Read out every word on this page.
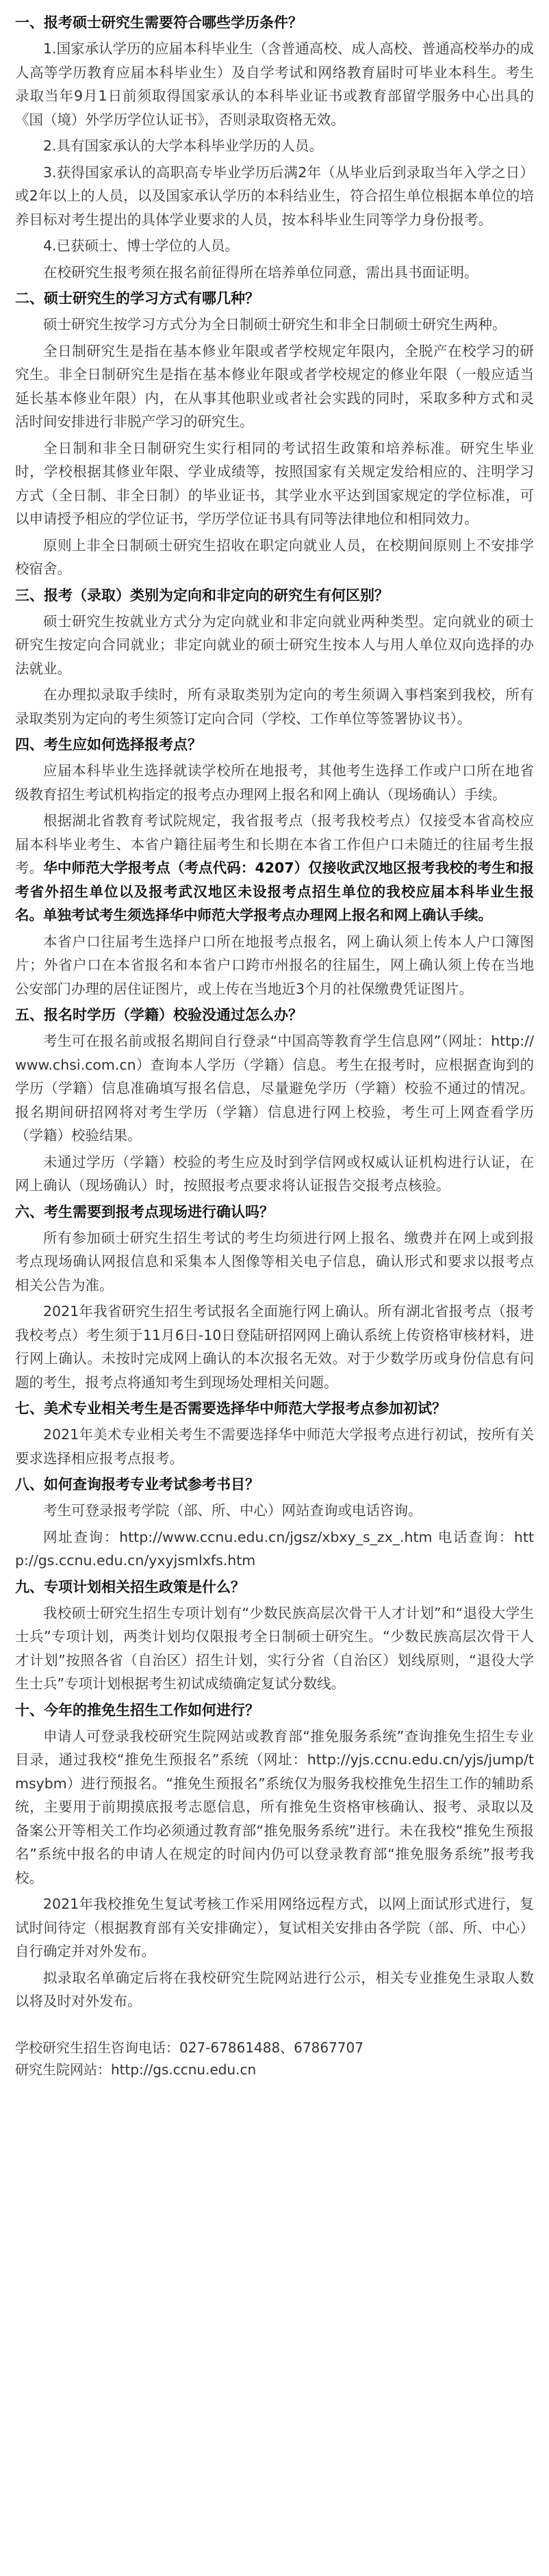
一、报考硕士研究生需要符合哪些学历条件？
1.国家承认学历的应届本科毕业生（含普通高校、成人高校、普通高校举办的成人高等学历教育应届本科毕业生）及自学考试和网络教育届时可毕业本科生。考生录取当年9月1日前须取得国家承认的本科毕业证书或教育部留学服务中心出具的《国（境）外学历学位认证书》，否则录取资格无效。
2.具有国家承认的大学本科毕业学历的人员。
3.获得国家承认的高职高专毕业学历后满2年（从毕业后到录取当年入学之日）或2年以上的人员，以及国家承认学历的本科结业生，符合招生单位根据本单位的培养目标对考生提出的具体学业要求的人员，按本科毕业生同等学力身份报考。
4.已获硕士、博士学位的人员。
在校研究生报考须在报名前征得所在培养单位同意，需出具书面证明。
二、硕士研究生的学习方式有哪几种？
硕士研究生按学习方式分为全日制硕士研究生和非全日制硕士研究生两种。
全日制研究生是指在基本修业年限或者学校规定年限内，全脱产在校学习的研究生。非全日制研究生是指在基本修业年限或者学校规定的修业年限（一般应适当延长基本修业年限）内，在从事其他职业或者社会实践的同时，采取多种方式和灵活时间安排进行非脱产学习的研究生。
全日制和非全日制研究生实行相同的考试招生政策和培养标准。研究生毕业时，学校根据其修业年限、学业成绩等，按照国家有关规定发给相应的、注明学习方式（全日制、非全日制）的毕业证书，其学业水平达到国家规定的学位标准，可以申请授予相应的学位证书，学历学位证书具有同等法律地位和相同效力。
原则上非全日制硕士研究生招收在职定向就业人员，在校期间原则上不安排学校宿舍。
三、报考（录取）类别为定向和非定向的研究生有何区别？
硕士研究生按就业方式分为定向就业和非定向就业两种类型。定向就业的硕士研究生按定向合同就业；非定向就业的硕士研究生按本人与用人单位双向选择的办法就业。
在办理拟录取手续时，所有录取类别为定向的考生须调入事档案到我校，所有录取类别为定向的考生须签订定向合同（学校、工作单位等签署协议书）。
四、考生应如何选择报考点？
应届本科毕业生选择就读学校所在地报考，其他考生选择工作或户口所在地省级教育招生考试机构指定的报考点办理网上报名和网上确认（现场确认）手续。
根据湖北省教育考试院规定，我省报考点（报考我校考点）仅接受本省高校应届本科毕业考生、本省户籍往届考生和长期在本省工作但户口未随迁的往届考生报考。华中师范大学报考点（考点代码：4207）仅接收武汉地区报考我校的考生和报考省外招生单位以及报考武汉地区未设报考点招生单位的我校应届本科毕业生报名。单独考试考生须选择华中师范大学报考点办理网上报名和网上确认手续。
本省户口往届考生选择户口所在地报考点报名，网上确认须上传本人户口簿图片；外省户口在本省报名和本省户口跨市州报名的往届生，网上确认须上传在当地公安部门办理的居住证图片，或上传在当地近3个月的社保缴费凭证图片。
五、报名时学历（学籍）校验没通过怎么办？
考生可在报名前或报名期间自行登录“中国高等教育学生信息网”（网址：http://www.chsi.com.cn）查询本人学历（学籍）信息。考生在报考时，应根据查询到的学历（学籍）信息准确填写报名信息，尽量避免学历（学籍）校验不通过的情况。报名期间研招网将对考生学历（学籍）信息进行网上校验，考生可上网查看学历（学籍）校验结果。
未通过学历（学籍）校验的考生应及时到学信网或权威认证机构进行认证，在网上确认（现场确认）时，按照报考点要求将认证报告交报考点核验。
六、考生需要到报考点现场进行确认吗？
所有参加硕士研究生招生考试的考生均须进行网上报名、缴费并在网上或到报考点现场确认网报信息和采集本人图像等相关电子信息，确认形式和要求以报考点相关公告为准。
2021年我省研究生招生考试报名全面施行网上确认。所有湖北省报考点（报考我校考点）考生须于11月6日-10日登陆研招网网上确认系统上传资格审核材料，进行网上确认。未按时完成网上确认的本次报名无效。对于少数学历或身份信息有问题的考生，报考点将通知考生到现场处理相关问题。
七、美术专业相关考生是否需要选择华中师范大学报考点参加初试？
2021年美术专业相关考生不需要选择华中师范大学报考点进行初试，按所有关要求选择相应报考点报考。
八、如何查询报考专业考试参考书目？
考生可登录报考学院（部、所、中心）网站查询或电话咨询。
网址查询：http://www.ccnu.edu.cn/jgsz/xbxy_s_zx_.htm 电话查询：http://gs.ccnu.edu.cn/yxyjsmlxfs.htm
九、专项计划相关招生政策是什么？
我校硕士研究生招生专项计划有“少数民族高层次骨干人才计划”和“退役大学生士兵”专项计划，两类计划均仅限报考全日制硕士研究生。“少数民族高层次骨干人才计划”按照各省（自治区）招生计划，实行分省（自治区）划线原则，“退役大学生士兵”专项计划根据考生初试成绩确定复试分数线。
十、今年的推免生招生工作如何进行？
申请人可登录我校研究生院网站或教育部“推免服务系统”查询推免生招生专业目录，通过我校“推免生预报名”系统（网址：http://yjs.ccnu.edu.cn/yjs/jump/tmsybm）进行预报名。“推免生预报名”系统仅为服务我校推免生招生工作的辅助系统，主要用于前期摸底报考志愿信息，所有推免生资格审核确认、报考、录取以及备案公开等相关工作均必须通过教育部“推免服务系统”进行。未在我校“推免生预报名”系统中报名的申请人在规定的时间内仍可以登录教育部“推免服务系统”报考我校。
2021年我校推免生复试考核工作采用网络远程方式，以网上面试形式进行，复试时间待定（根据教育部有关安排确定），复试相关安排由各学院（部、所、中心）自行确定并对外发布。
拟录取名单确定后将在我校研究生院网站进行公示，相关专业推免生录取人数以将及时对外发布。

学校研究生招生咨询电话：027-67861488、67867707

研究生院网站：http://gs.ccnu.edu.cn
